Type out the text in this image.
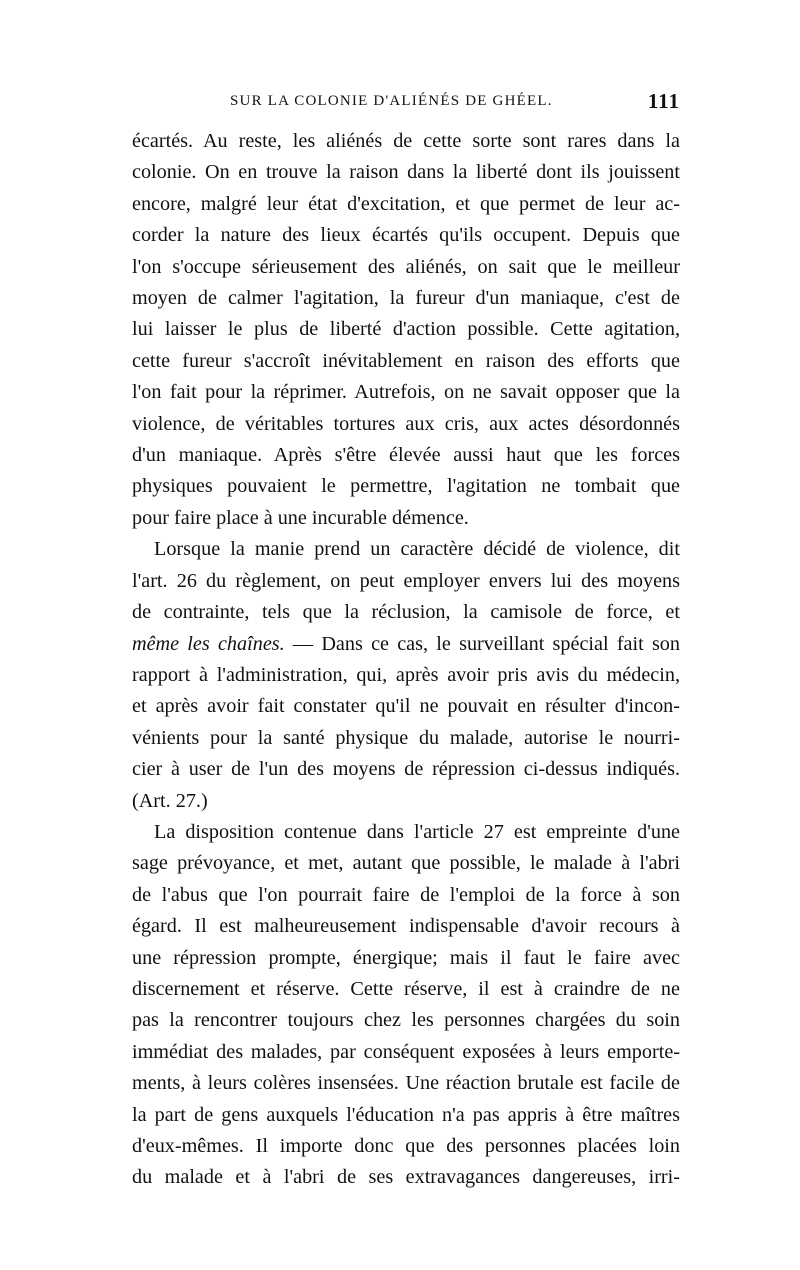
SUR LA COLONIE D'ALIÉNÉS DE GHÉEL.	111
écartés. Au reste, les aliénés de cette sorte sont rares dans la
colonie. On en trouve la raison dans la liberté dont ils jouissent
encore, malgré leur état d'excitation, et que permet de leur ac-
corder la nature des lieux écartés qu'ils occupent. Depuis que
l'on s'occupe sérieusement des aliénés, on sait que le meilleur
moyen de calmer l'agitation, la fureur d'un maniaque, c'est de
lui laisser le plus de liberté d'action possible. Cette agitation,
cette fureur s'accroît inévitablement en raison des efforts que
l'on fait pour la réprimer. Autrefois, on ne savait opposer que la
violence, de véritables tortures aux cris, aux actes désordonnés
d'un maniaque. Après s'être élevée aussi haut que les forces
physiques pouvaient le permettre, l'agitation ne tombait que
pour faire place à une incurable démence.
Lorsque la manie prend un caractère décidé de violence, dit
l'art. 26 du règlement, on peut employer envers lui des moyens
de contrainte, tels que la réclusion, la camisole de force, et
même les chaînes. — Dans ce cas, le surveillant spécial fait son
rapport à l'administration, qui, après avoir pris avis du médecin,
et après avoir fait constater qu'il ne pouvait en résulter d'incon-
vénients pour la santé physique du malade, autorise le nourri-
cier à user de l'un des moyens de répression ci-dessus indiqués.
(Art. 27.)
La disposition contenue dans l'article 27 est empreinte d'une
sage prévoyance, et met, autant que possible, le malade à l'abri
de l'abus que l'on pourrait faire de l'emploi de la force à son
égard. Il est malheureusement indispensable d'avoir recours à
une répression prompte, énergique; mais il faut le faire avec
discernement et réserve. Cette réserve, il est à craindre de ne
pas la rencontrer toujours chez les personnes chargées du soin
immédiat des malades, par conséquent exposées à leurs emporte-
ments, à leurs colères insensées. Une réaction brutale est facile de
la part de gens auxquels l'éducation n'a pas appris à être maîtres
d'eux-mêmes. Il importe donc que des personnes placées loin
du malade et à l'abri de ses extravagances dangereuses, irri-
